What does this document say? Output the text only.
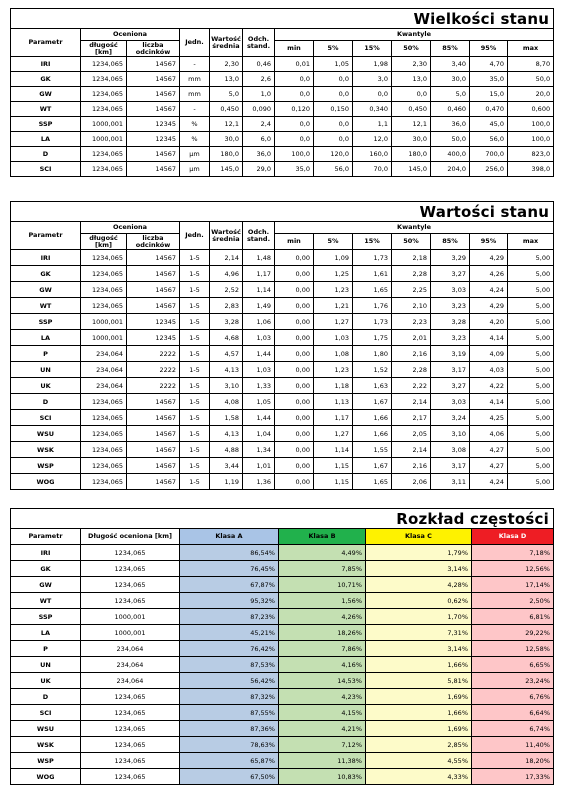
Wielkości stanu												
Parametr	Oceniona		Jedn.	Wartość średnia	Odch. stand.	Kwantyle						
	długość [km]	liczba odcinków				min	5%	15%	50%	85%	95%	max
IRI	1234,065	14567	-	2,30	0,46	0,01	1,05	1,98	2,30	3,40	4,70	8,70
GK	1234,065	14567	mm	13,0	2,6	0,0	0,0	3,0	13,0	30,0	35,0	50,0
GW	1234,065	14567	mm	5,0	1,0	0,0	0,0	0,0	0,0	5,0	15,0	20,0
WT	1234,065	14567	-	0,450	0,090	0,120	0,150	0,340	0,450	0,460	0,470	0,600
SSP	1000,001	12345	%	12,1	2,4	0,0	0,0	1,1	12,1	36,0	45,0	100,0
LA	1000,001	12345	%	30,0	6,0	0,0	0,0	12,0	30,0	50,0	56,0	100,0
D	1234,065	14567	µm	180,0	36,0	100,0	120,0	160,0	180,0	400,0	700,0	823,0
SCI	1234,065	14567	µm	145,0	29,0	35,0	56,0	70,0	145,0	204,0	256,0	398,0
Wartości stanu												
Parametr	Oceniona		Jedn.	Wartość średnia	Odch. stand.	Kwantyle						
	długość [km]	liczba odcinków				min	5%	15%	50%	85%	95%	max
IRI	1234,065	14567	1-5	2,14	1,48	0,00	1,09	1,73	2,18	3,29	4,29	5,00
GK	1234,065	14567	1-5	4,96	1,17	0,00	1,25	1,61	2,28	3,27	4,26	5,00
GW	1234,065	14567	1-5	2,52	1,14	0,00	1,23	1,65	2,25	3,03	4,24	5,00
WT	1234,065	14567	1-5	2,83	1,49	0,00	1,21	1,76	2,10	3,23	4,29	5,00
SSP	1000,001	12345	1-5	3,28	1,06	0,00	1,27	1,73	2,23	3,28	4,20	5,00
LA	1000,001	12345	1-5	4,68	1,03	0,00	1,03	1,75	2,01	3,23	4,14	5,00
P	234,064	2222	1-5	4,57	1,44	0,00	1,08	1,80	2,16	3,19	4,09	5,00
UN	234,064	2222	1-5	4,13	1,03	0,00	1,23	1,52	2,28	3,17	4,03	5,00
UK	234,064	2222	1-5	3,10	1,33	0,00	1,18	1,63	2,22	3,27	4,22	5,00
D	1234,065	14567	1-5	4,08	1,05	0,00	1,13	1,67	2,14	3,03	4,14	5,00
SCI	1234,065	14567	1-5	1,58	1,44	0,00	1,17	1,66	2,17	3,24	4,25	5,00
WSU	1234,065	14567	1-5	4,13	1,04	0,00	1,27	1,66	2,05	3,10	4,06	5,00
WSK	1234,065	14567	1-5	4,88	1,34	0,00	1,14	1,55	2,14	3,08	4,27	5,00
WSP	1234,065	14567	1-5	3,44	1,01	0,00	1,15	1,67	2,16	3,17	4,27	5,00
WOG	1234,065	14567	1-5	1,19	1,36	0,00	1,15	1,65	2,06	3,11	4,24	5,00
Rozkład częstości					
Parametr	Długość oceniona [km]	Klasa A	Klasa B	Klasa C	Klasa D
IRI	1234,065	86,54%	4,49%	1,79%	7,18%
GK	1234,065	76,45%	7,85%	3,14%	12,56%
GW	1234,065	67,87%	10,71%	4,28%	17,14%
WT	1234,065	95,32%	1,56%	0,62%	2,50%
SSP	1000,001	87,23%	4,26%	1,70%	6,81%
LA	1000,001	45,21%	18,26%	7,31%	29,22%
P	234,064	76,42%	7,86%	3,14%	12,58%
UN	234,064	87,53%	4,16%	1,66%	6,65%
UK	234,064	56,42%	14,53%	5,81%	23,24%
D	1234,065	87,32%	4,23%	1,69%	6,76%
SCI	1234,065	87,55%	4,15%	1,66%	6,64%
WSU	1234,065	87,36%	4,21%	1,69%	6,74%
WSK	1234,065	78,63%	7,12%	2,85%	11,40%
WSP	1234,065	65,87%	11,38%	4,55%	18,20%
WOG	1234,065	67,50%	10,83%	4,33%	17,33%
